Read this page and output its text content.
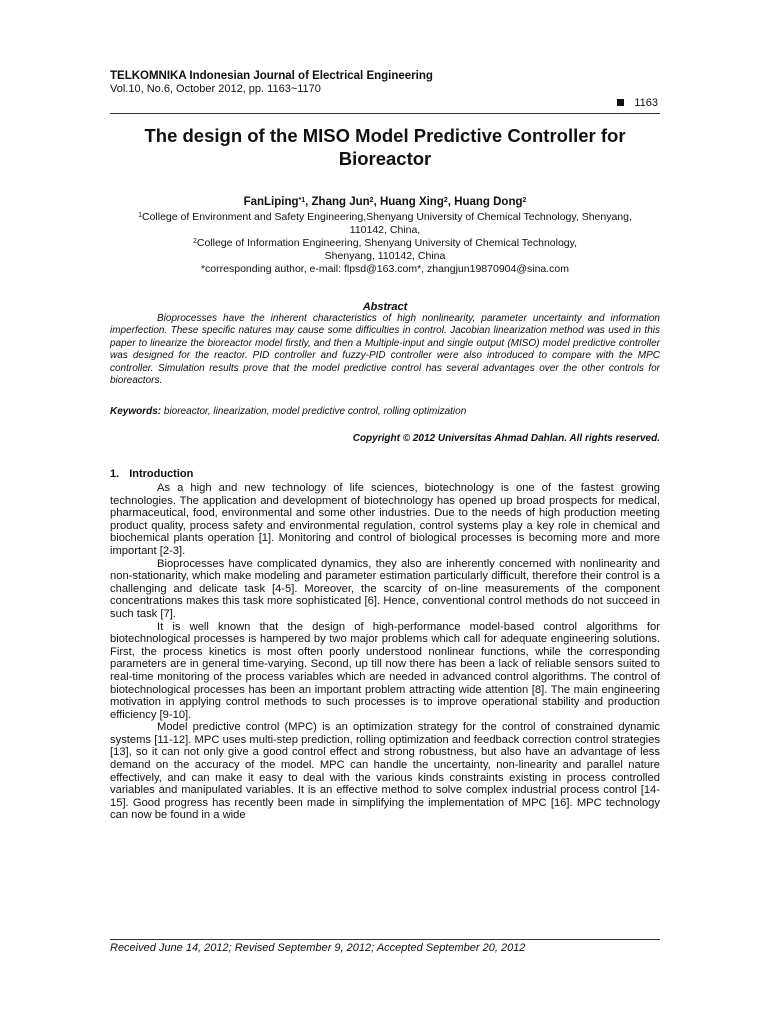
TELKOMNIKA Indonesian Journal of Electrical Engineering
Vol.10, No.6, October 2012, pp. 1163~1170
1163
The design of the MISO Model Predictive Controller for Bioreactor
FanLiping$^{*1}$, Zhang Jun$^2$, Huang Xing$^2$, Huang Dong$^2$
$^1$College of Environment and Safety Engineering,Shenyang University of Chemical Technology, Shenyang,
110142, China,
$^2$College of Information Engineering, Shenyang University of Chemical Technology,
Shenyang, 110142, China
*corresponding author, e-mail: flpsd@163.com*, zhangjun19870904@sina.com
Abstract
Bioprocesses have the inherent characteristics of high nonlinearity, parameter uncertainty and information imperfection. These specific natures may cause some difficulties in control. Jacobian linearization method was used in this paper to linearize the bioreactor model firstly, and then a Multiple-input and single output (MISO) model predictive controller was designed for the reactor. PID controller and fuzzy-PID controller were also introduced to compare with the MPC controller. Simulation results prove that the model predictive control has several advantages over the other controls for bioreactors.
Keywords: bioreactor, linearization, model predictive control, rolling optimization
Copyright © 2012 Universitas Ahmad Dahlan. All rights reserved.
1. Introduction

As a high and new technology of life sciences, biotechnology is one of the fastest growing technologies. The application and development of biotechnology has opened up broad prospects for medical, pharmaceutical, food, environmental and some other industries. Due to the needs of high production meeting product quality, process safety and environmental regulation, control systems play a key role in chemical and biochemical plants operation [1]. Monitoring and control of biological processes is becoming more and more important [2-3].

Bioprocesses have complicated dynamics, they also are inherently concerned with nonlinearity and non-stationarity, which make modeling and parameter estimation particularly difficult, therefore their control is a challenging and delicate task [4-5]. Moreover, the scarcity of on-line measurements of the component concentrations makes this task more sophisticated [6]. Hence, conventional control methods do not succeed in such task [7].

It is well known that the design of high-performance model-based control algorithms for biotechnological processes is hampered by two major problems which call for adequate engineering solutions. First, the process kinetics is most often poorly understood nonlinear functions, while the corresponding parameters are in general time-varying. Second, up till now there has been a lack of reliable sensors suited to real-time monitoring of the process variables which are needed in advanced control algorithms. The control of biotechnological processes has been an important problem attracting wide attention [8]. The main engineering motivation in applying control methods to such processes is to improve operational stability and production efficiency [9-10].

Model predictive control (MPC) is an optimization strategy for the control of constrained dynamic systems [11-12]. MPC uses multi-step prediction, rolling optimization and feedback correction control strategies [13], so it can not only give a good control effect and strong robustness, but also have an advantage of less demand on the accuracy of the model. MPC can handle the uncertainty, non-linearity and parallel nature effectively, and can make it easy to deal with the various kinds constraints existing in process controlled variables and manipulated variables. It is an effective method to solve complex industrial process control [14-15]. Good progress has recently been made in simplifying the implementation of MPC [16]. MPC technology can now be found in a wide

Received June 14, 2012; Revised September 9, 2012; Accepted September 20, 2012
